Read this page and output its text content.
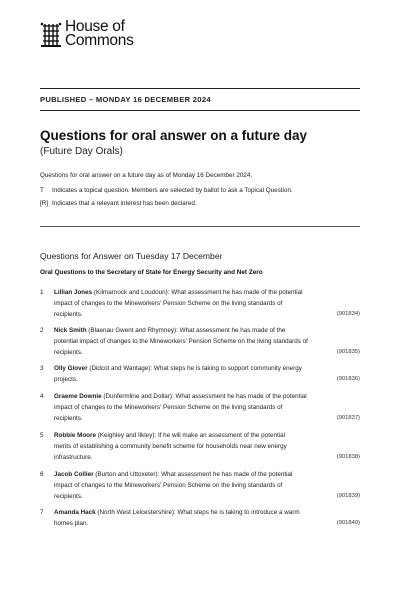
House of
Commons
PUBLISHED – MONDAY 16 DECEMBER 2024
Questions for oral answer on a future day
(Future Day Orals)
Questions for oral answer on a future day as of Monday 16 December 2024.
T	Indicates a topical question. Members are selected by ballot to ask a Topical Question.
[R] Indicates that a relevant interest has been declared.
Questions for Answer on Tuesday 17 December
Oral Questions to the Secretary of State for Energy Security and Net Zero
1	Lillian Jones (Kilmarnock and Loudoun): What assessment he has made of the potential
impact of changes to the Mineworkers' Pension Scheme on the living standards of
recipients.	(901834)
2	Nick Smith (Blaenau Gwent and Rhymney): What assessment he has made of the
potential impact of changes to the Mineworkers' Pension Scheme on the living standards of
recipients.	(901835)
3	Olly Glover (Didcot and Wantage): What steps he is taking to support community energy
projects.	(901836)
4	Graeme Downie (Dunfermline and Dollar): What assessment he has made of the potential
impact of changes to the Mineworkers' Pension Scheme on the living standards of
recipients.	(901837)
5	Robbie Moore (Keighley and Ilkley): If he will make an assessment of the potential
merits of establishing a community benefit scheme for households near new energy
infrastructure.	(901838)
6	Jacob Collier (Burton and Uttoxeter): What assessment he has made of the potential
impact of changes to the Mineworkers' Pension Scheme on the living standards of
recipients.	(901839)
7	Amanda Hack (North West Leicestershire): What steps he is taking to introduce a warm
homes plan.	(901840)
